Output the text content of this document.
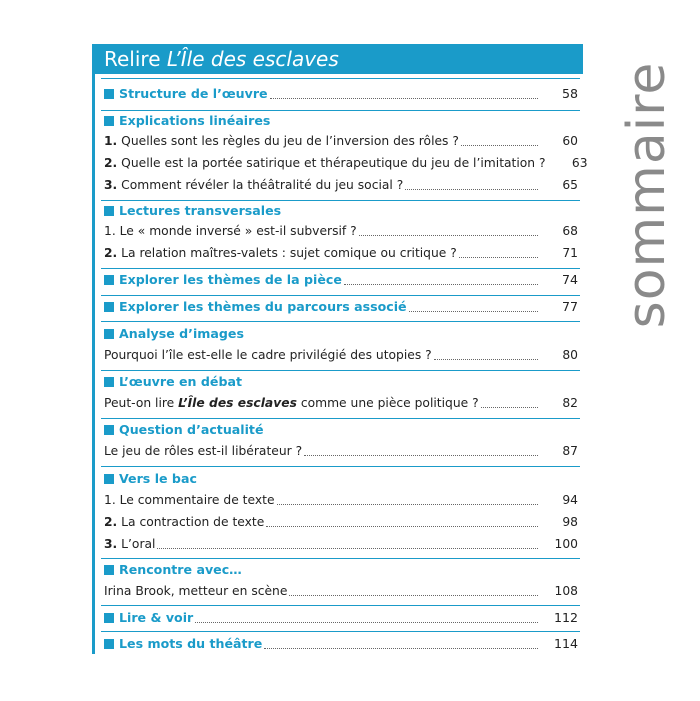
Relire L’Île des esclaves
Structure de l’œuvre	58
Explications linéaires
1. Quelles sont les règles du jeu de l’inversion des rôles ?	60
2. Quelle est la portée satirique et thérapeutique du jeu de l’imitation ?	63
3. Comment révéler la théâtralité du jeu social ?	65
Lectures transversales
1. Le « monde inversé » est-il subversif ?	68
2. La relation maîtres-valets : sujet comique ou critique ?	71
Explorer les thèmes de la pièce	74
Explorer les thèmes du parcours associé	77
Analyse d’images
Pourquoi l’île est-elle le cadre privilégié des utopies ?	80
L’œuvre en débat
Peut-on lire L’Île des esclaves comme une pièce politique ?	82
Question d’actualité
Le jeu de rôles est-il libérateur ?	87
Vers le bac
1. Le commentaire de texte	94
2. La contraction de texte	98
3. L’oral	100
Rencontre avec…
Irina Brook, metteur en scène	108
Lire & voir	112
Les mots du théâtre	114
sommaire
